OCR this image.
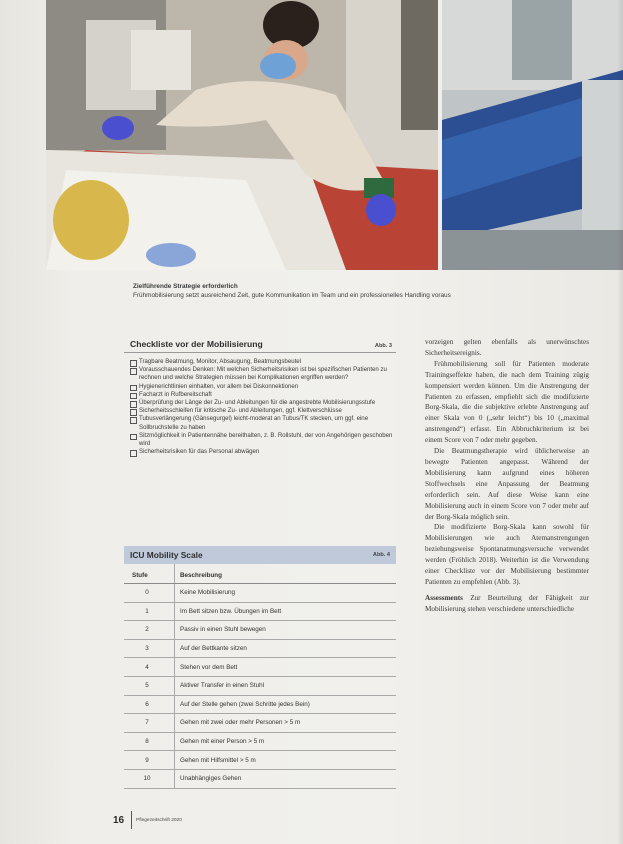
Zielführende Strategie erforderlich
Frühmobilisierung setzt ausreichend Zeit, gute Kommunikation im Team und ein professionelles Handling voraus
Checkliste vor der Mobilisierung	Abb. 3
Tragbare Beatmung, Monitor, Absaugung, Beatmungsbeutel
Vorausschauendes Denken: Mit welchen Sicherheitsrisiken ist bei spezifischen Patienten zu rechnen und welche Strategien müssen bei Komplikationen ergriffen werden?
Hygienerichtlinien einhalten, vor allem bei Diskonnektionen
Facharzt in Rufbereitschaft
Überprüfung der Länge der Zu- und Ableitungen für die angestrebte Mobilisierungsstufe
Sicherheitsschleifen für kritische Zu- und Ableitungen, ggf. Klettverschlüsse
Tubusverlängerung (Gänsegurgel) leicht-moderat an Tubus/TK stecken, um ggf. eine Sollbruchstelle zu haben
Sitzmöglichkeit in Patientennähe bereithalten, z. B. Rollstuhl, der von Angehörigen geschoben wird
Sicherheitsrisiken für das Personal abwägen
ICU Mobility Scale	Abb. 4
Stufe	Beschreibung
0	Keine Mobilisierung
1	Im Bett sitzen bzw. Übungen im Bett
2	Passiv in einen Stuhl bewegen
3	Auf der Bettkante sitzen
4	Stehen vor dem Bett
5	Aktiver Transfer in einen Stuhl
6	Auf der Stelle gehen (zwei Schritte jedes Bein)
7	Gehen mit zwei oder mehr Personen > 5 m
8	Gehen mit einer Person > 5 m
9	Gehen mit Hilfsmittel > 5 m
10	Unabhängiges Gehen

vorzeigen gelten ebenfalls als unerwünschtes Sicherheitsereignis.

Frühmobilisierung soll für Patienten moderate Trainingseffekte haben, die nach dem Training zügig kompensiert werden können. Um die Anstrengung der Patienten zu erfassen, empfiehlt sich die modifizierte Borg-Skala, die die subjektive erlebte Anstrengung auf einer Skala von 0 („sehr leicht“) bis 10 („maximal anstrengend“) erfasst. Ein Abbruchkriterium ist bei einem Score von 7 oder mehr gegeben.

Die Beatmungstherapie wird üblicherweise an bewegte Patienten angepasst. Während der Mobilisierung kann aufgrund eines höheren Stoffwechsels eine Anpassung der Beatmung erforderlich sein. Auf diese Weise kann eine Mobilisierung auch in einem Score von 7 oder mehr auf der Borg-Skala möglich sein.

Die modifizierte Borg-Skala kann sowohl für Mobilisierungen wie auch Atemanstrengungen beziehungsweise Spontanatmungsversuche verwendet werden (Fröhlich 2018). Weiterhin ist die Verwendung einer Checkliste vor der Mobilisierung bestimmter Patienten zu empfehlen (Abb. 3).

Assessments Zur Beurteilung der Fähigkeit zur Mobilisierung stehen verschiedene unterschiedliche

16 Pflegezeitschrift 2020
